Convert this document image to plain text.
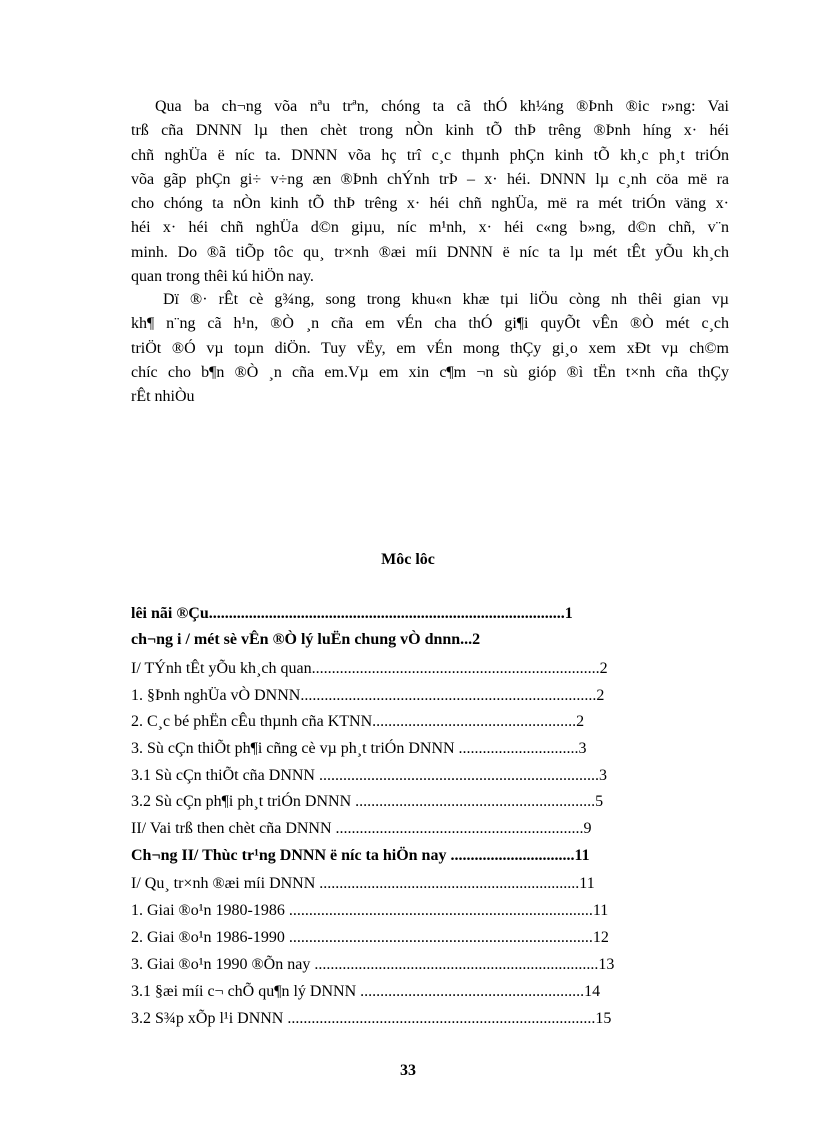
Qua ba ch¬ng võa nªu trªn, chóng ta cã thÓ kh¼ng ®Þnh ®ic r»ng: Vai
trß cña DNNN lµ then chèt trong nÒn kinh tÕ thÞ trêng ®Þnh híng x· héi
chñ nghÜa ë níc ta. DNNN võa hç trî c¸c thµnh phÇn kinh tÕ kh¸c ph¸t triÓn
võa gãp phÇn gi÷ v÷ng æn ®Þnh chÝnh trÞ – x· héi. DNNN lµ c¸nh cöa më ra
cho chóng ta nÒn kinh tÕ thÞ trêng x· héi chñ nghÜa, më ra mét triÓn väng x·
héi x· héi chñ nghÜa d©n giµu, níc m¹nh, x· héi c«ng b»ng, d©n chñ, v¨n
minh. Do ®ã tiÕp tôc qu¸ tr×nh ®æi míi DNNN ë níc ta lµ mét tÊt yÕu kh¸ch
quan trong thêi kú hiÖn nay.
Dï ®· rÊt cè g¾ng, song trong khu«n khæ tµi liÖu còng nh thêi gian vµ
kh¶ n¨ng cã h¹n, ®Ò ¸n cña em vÉn cha thÓ gi¶i quyÕt vÊn ®Ò mét c¸ch
triÖt ®Ó vµ toµn diÖn. Tuy vËy, em vÉn mong thÇy gi¸o xem xÐt vµ ch©m
chíc cho b¶n ®Ò ¸n cña em.Vµ em xin c¶m ¬n sù gióp ®ì tËn t×nh cña thÇy
rÊt nhiÒu
Môc lôc
lêi nãi ®Çu.........................................................................................1
ch¬ng i / mét sè vÊn ®Ò lý luËn chung vÒ dnnn...2
I/ TÝnh tÊt yÕu kh¸ch quan........................................................................2
1. §Þnh nghÜa vÒ DNNN..........................................................................2
2. C¸c bé phËn cÊu thµnh cña KTNN...................................................2
3. Sù cÇn thiÕt ph¶i cñng cè vµ ph¸t triÓn DNNN ..............................3
3.1 Sù cÇn thiÕt cña DNNN ......................................................................3
3.2 Sù cÇn ph¶i ph¸t triÓn DNNN ............................................................5
II/ Vai trß then chèt cña DNNN ..............................................................9
Ch¬ng II/ Thùc tr¹ng DNNN ë níc ta hiÖn nay ...............................11
I/ Qu¸ tr×nh ®æi míi DNNN .................................................................11
1. Giai ®o¹n 1980-1986 ............................................................................11
2. Giai ®o¹n 1986-1990 ............................................................................12
3. Giai ®o¹n 1990 ®Õn nay .......................................................................13
3.1 §æi míi c¬ chÕ qu¶n lý DNNN ........................................................14
3.2 S¾p xÕp l¹i DNNN .............................................................................15
33
